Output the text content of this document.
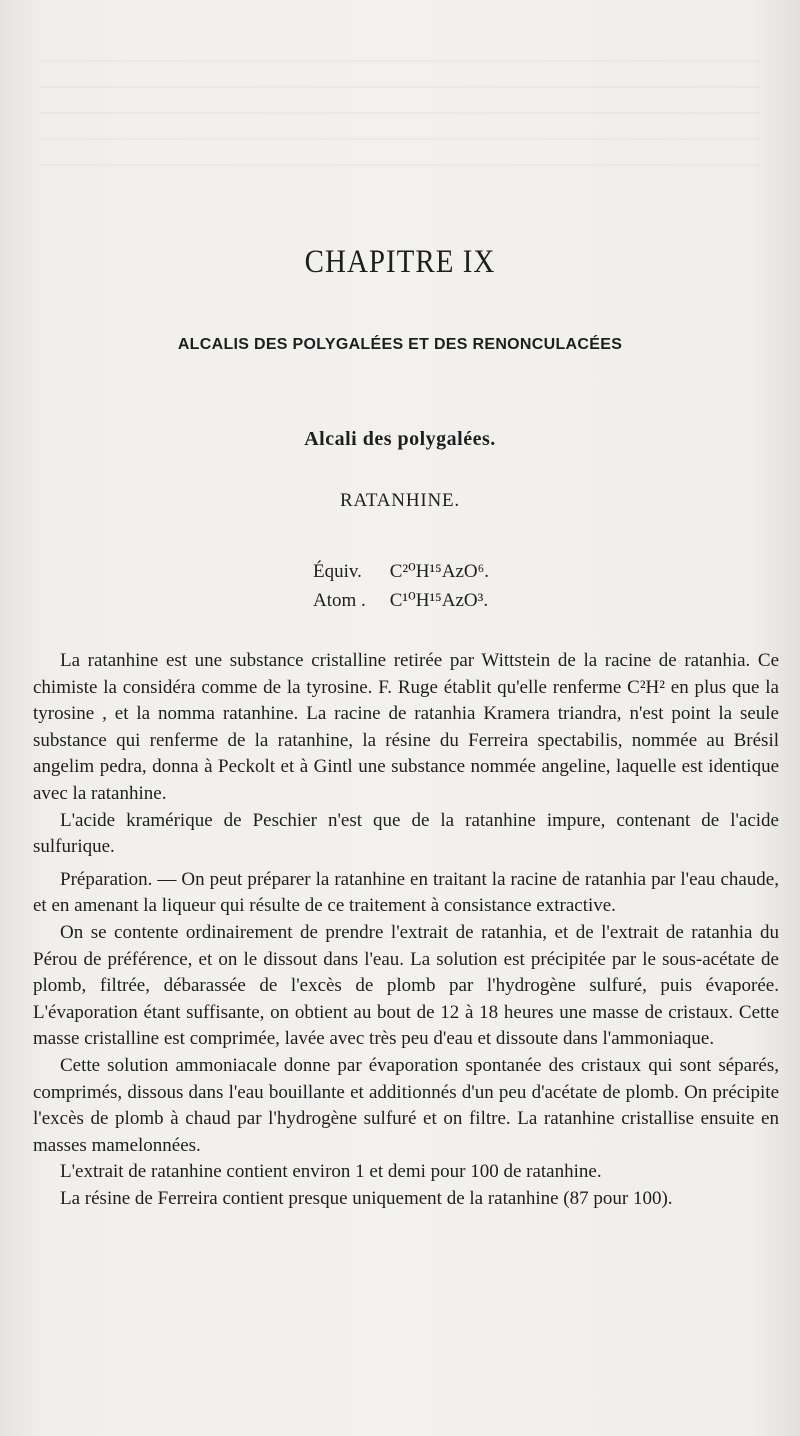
CHAPITRE IX
ALCALIS DES POLYGALÉES ET DES RENONCULACÉES
Alcali des polygalées.
RATANHINE.
Équiv. C²⁰H¹⁵AzO⁶.
Atom . C¹⁰H¹⁵AzO³.

La ratanhine est une substance cristalline retirée par Wittstein de la racine de ratanhia. Ce chimiste la considéra comme de la tyrosine. F. Ruge établit qu'elle renferme C²H² en plus que la tyrosine , et la nomma ratanhine. La racine de ratanhia Kramera triandra, n'est point la seule substance qui renferme de la ratanhine, la résine du Ferreira spectabilis, nommée au Brésil angelim pedra, donna à Peckolt et à Gintl une substance nommée angeline, laquelle est identique avec la ratanhine.

L'acide kramérique de Peschier n'est que de la ratanhine impure, contenant de l'acide sulfurique.

Préparation. — On peut préparer la ratanhine en traitant la racine de ratanhia par l'eau chaude, et en amenant la liqueur qui résulte de ce traitement à consistance extractive.

On se contente ordinairement de prendre l'extrait de ratanhia, et de l'extrait de ratanhia du Pérou de préférence, et on le dissout dans l'eau. La solution est précipitée par le sous-acétate de plomb, filtrée, débarassée de l'excès de plomb par l'hydrogène sulfuré, puis évaporée. L'évaporation étant suffisante, on obtient au bout de 12 à 18 heures une masse de cristaux. Cette masse cristalline est comprimée, lavée avec très peu d'eau et dissoute dans l'ammoniaque.

Cette solution ammoniacale donne par évaporation spontanée des cristaux qui sont séparés, comprimés, dissous dans l'eau bouillante et additionnés d'un peu d'acétate de plomb. On précipite l'excès de plomb à chaud par l'hydrogène sulfuré et on filtre. La ratanhine cristallise ensuite en masses mamelonnées.

L'extrait de ratanhine contient environ 1 et demi pour 100 de ratanhine.

La résine de Ferreira contient presque uniquement de la ratanhine (87 pour 100).
